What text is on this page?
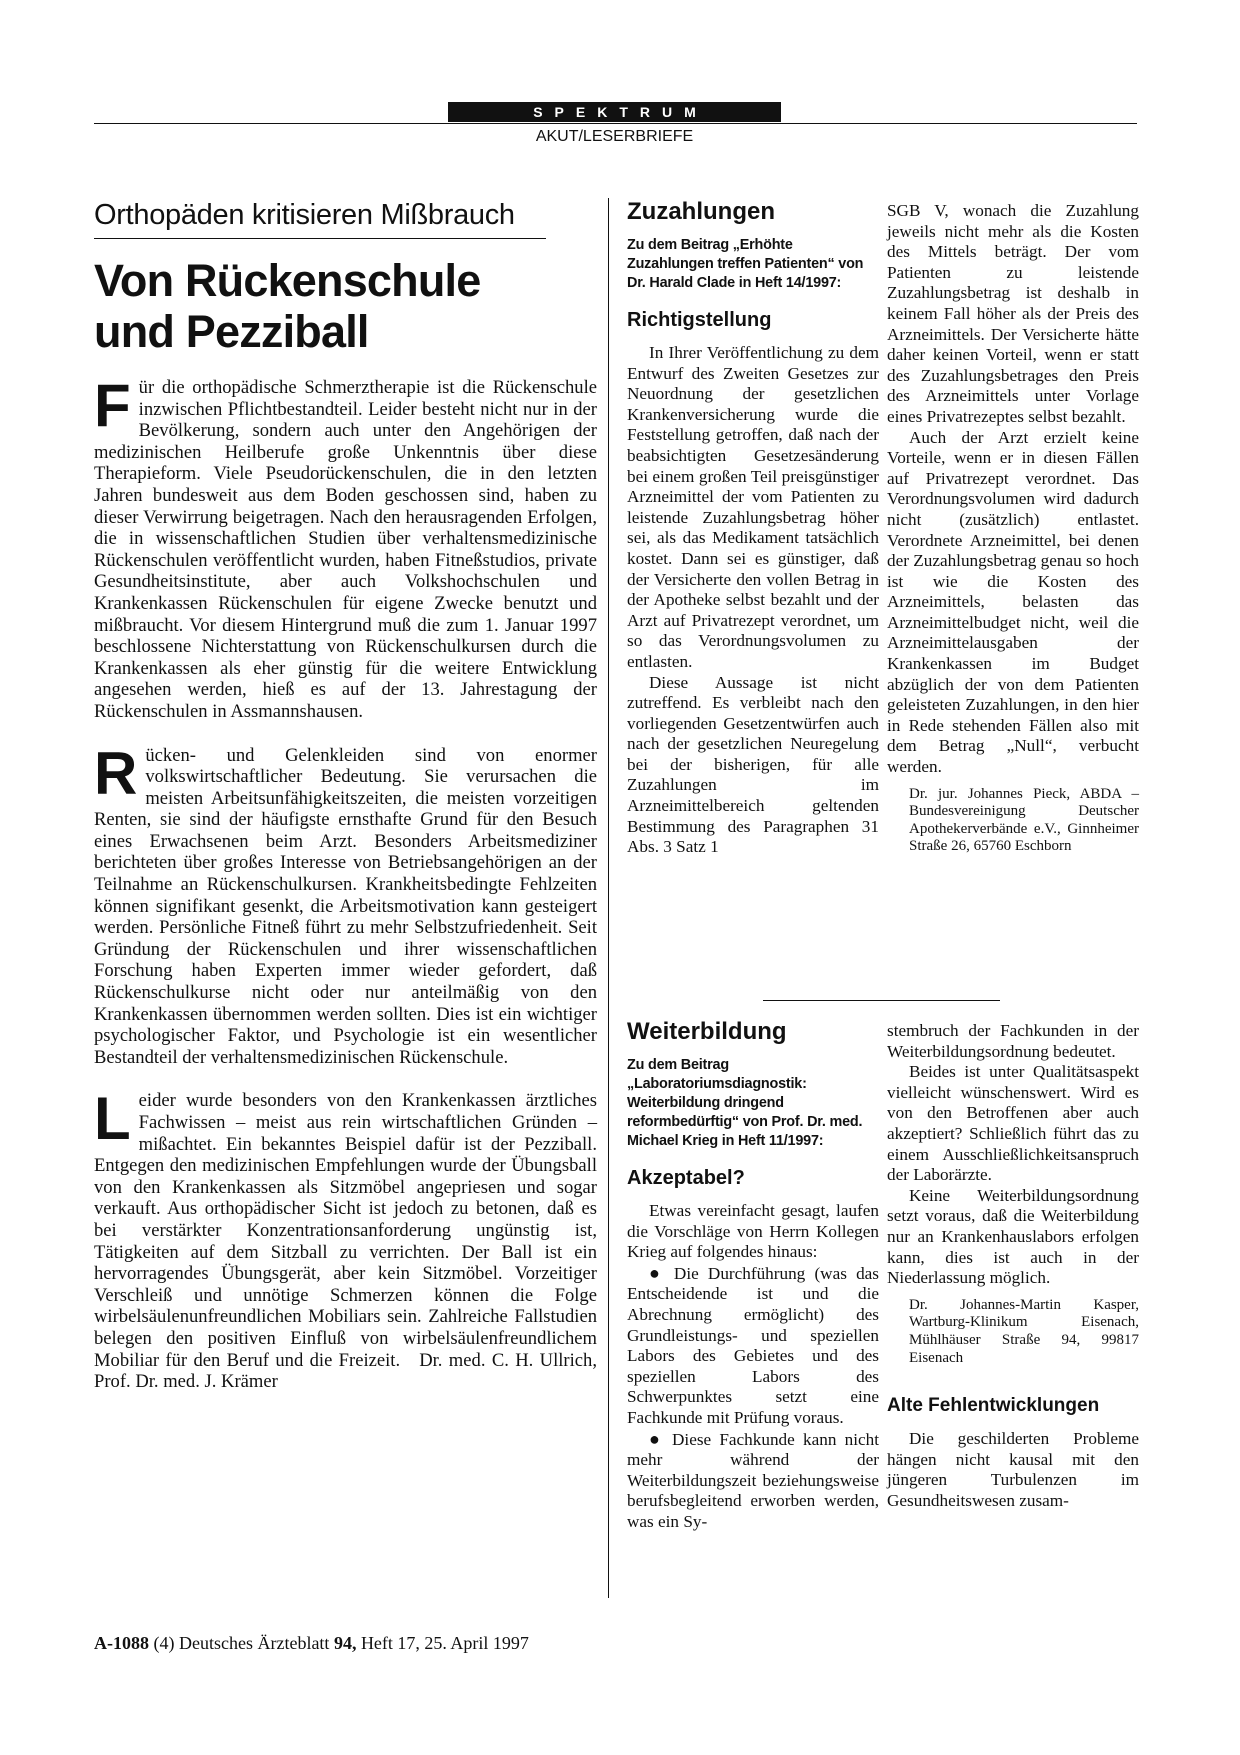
SPEKTRUM
AKUT/LESERBRIEFE
Orthopäden kritisieren Mißbrauch
Von Rückenschule
und Pezziball

Für die orthopädische Schmerztherapie ist die Rückenschule inzwischen Pflichtbestandteil. Leider besteht nicht nur in der Bevölkerung, sondern auch unter den Angehörigen der medizinischen Heilberufe große Unkenntnis über diese Therapieform. Viele Pseudorückenschulen, die in den letzten Jahren bundesweit aus dem Boden geschossen sind, haben zu dieser Verwirrung beigetragen. Nach den herausragenden Erfolgen, die in wissenschaftlichen Studien über verhaltensmedizinische Rückenschulen veröffentlicht wurden, haben Fitneßstudios, private Gesundheitsinstitute, aber auch Volkshochschulen und Krankenkassen Rückenschulen für eigene Zwecke benutzt und mißbraucht. Vor diesem Hintergrund muß die zum 1. Januar 1997 beschlossene Nichterstattung von Rückenschulkursen durch die Krankenkassen als eher günstig für die weitere Entwicklung angesehen werden, hieß es auf der 13. Jahrestagung der Rückenschulen in Assmannshausen.

Rücken- und Gelenkleiden sind von enormer volkswirtschaftlicher Bedeutung. Sie verursachen die meisten Arbeitsunfähigkeitszeiten, die meisten vorzeitigen Renten, sie sind der häufigste ernsthafte Grund für den Besuch eines Erwachsenen beim Arzt. Besonders Arbeitsmediziner berichteten über großes Interesse von Betriebsangehörigen an der Teilnahme an Rückenschulkursen. Krankheitsbedingte Fehlzeiten können signifikant gesenkt, die Arbeitsmotivation kann gesteigert werden. Persönliche Fitneß führt zu mehr Selbstzufriedenheit. Seit Gründung der Rückenschulen und ihrer wissenschaftlichen Forschung haben Experten immer wieder gefordert, daß Rückenschulkurse nicht oder nur anteilmäßig von den Krankenkassen übernommen werden sollten. Dies ist ein wichtiger psychologischer Faktor, und Psychologie ist ein wesentlicher Bestandteil der verhaltensmedizinischen Rückenschule.

Leider wurde besonders von den Krankenkassen ärztliches Fachwissen – meist aus rein wirtschaftlichen Gründen – mißachtet. Ein bekanntes Beispiel dafür ist der Pezziball. Entgegen den medizinischen Empfehlungen wurde der Übungsball von den Krankenkassen als Sitzmöbel angepriesen und sogar verkauft. Aus orthopädischer Sicht ist jedoch zu betonen, daß es bei verstärkter Konzentrationsanforderung ungünstig ist, Tätigkeiten auf dem Sitzball zu verrichten. Der Ball ist ein hervorragendes Übungsgerät, aber kein Sitzmöbel. Vorzeitiger Verschleiß und unnötige Schmerzen können die Folge wirbelsäulenunfreundlichen Mobiliars sein. Zahlreiche Fallstudien belegen den positiven Einfluß von wirbelsäulenfreundlichem Mobiliar für den Beruf und die Freizeit. Dr. med. C. H. Ullrich, Prof. Dr. med. J. Krämer

Zuzahlungen
Zu dem Beitrag „Erhöhte Zuzahlungen treffen Patienten“ von Dr. Harald Clade in Heft 14/1997:
Richtigstellung

In Ihrer Veröffentlichung zu dem Entwurf des Zweiten Gesetzes zur Neuordnung der gesetzlichen Krankenversicherung wurde die Feststellung getroffen, daß nach der beabsichtigten Gesetzesänderung bei einem großen Teil preisgünstiger Arzneimittel der vom Patienten zu leistende Zuzahlungsbetrag höher sei, als das Medikament tatsächlich kostet. Dann sei es günstiger, daß der Versicherte den vollen Betrag in der Apotheke selbst bezahlt und der Arzt auf Privatrezept verordnet, um so das Verordnungsvolumen zu entlasten.

Diese Aussage ist nicht zutreffend. Es verbleibt nach den vorliegenden Gesetzentwürfen auch nach der gesetzlichen Neuregelung bei der bisherigen, für alle Zuzahlungen im Arzneimittelbereich geltenden Bestimmung des Paragraphen 31 Abs. 3 Satz 1

SGB V, wonach die Zuzahlung jeweils nicht mehr als die Kosten des Mittels beträgt. Der vom Patienten zu leistende Zuzahlungsbetrag ist deshalb in keinem Fall höher als der Preis des Arzneimittels. Der Versicherte hätte daher keinen Vorteil, wenn er statt des Zuzahlungsbetrages den Preis des Arzneimittels unter Vorlage eines Privatrezeptes selbst bezahlt.

Auch der Arzt erzielt keine Vorteile, wenn er in diesen Fällen auf Privatrezept verordnet. Das Verordnungsvolumen wird dadurch nicht (zusätzlich) entlastet. Verordnete Arzneimittel, bei denen der Zuzahlungsbetrag genau so hoch ist wie die Kosten des Arzneimittels, belasten das Arzneimittelbudget nicht, weil die Arzneimittelausgaben der Krankenkassen im Budget abzüglich der von dem Patienten geleisteten Zuzahlungen, in den hier in Rede stehenden Fällen also mit dem Betrag „Null“, verbucht werden.

Dr. jur. Johannes Pieck, ABDA – Bundesvereinigung Deutscher Apothekerverbände e.V., Ginnheimer Straße 26, 65760 Eschborn

Weiterbildung
Zu dem Beitrag „Laboratoriumsdiagnostik: Weiterbildung dringend reformbedürftig“ von Prof. Dr. med. Michael Krieg in Heft 11/1997:
Akzeptabel?

Etwas vereinfacht gesagt, laufen die Vorschläge von Herrn Kollegen Krieg auf folgendes hinaus:

● Die Durchführung (was das Entscheidende ist und die Abrechnung ermöglicht) des Grundleistungs- und speziellen Labors des Gebietes und des speziellen Labors des Schwerpunktes setzt eine Fachkunde mit Prüfung voraus.

● Diese Fachkunde kann nicht mehr während der Weiterbildungszeit beziehungsweise berufsbegleitend erworben werden, was ein Sy-

stembruch der Fachkunden in der Weiterbildungsordnung bedeutet.

Beides ist unter Qualitätsaspekt vielleicht wünschenswert. Wird es von den Betroffenen aber auch akzeptiert? Schließlich führt das zu einem Ausschließlichkeitsanspruch der Laborärzte.

Keine Weiterbildungsordnung setzt voraus, daß die Weiterbildung nur an Krankenhauslabors erfolgen kann, dies ist auch in der Niederlassung möglich.

Dr. Johannes-Martin Kasper, Wartburg-Klinikum Eisenach, Mühlhäuser Straße 94, 99817 Eisenach

Alte Fehlentwicklungen

Die geschilderten Probleme hängen nicht kausal mit den jüngeren Turbulenzen im Gesundheitswesen zusam-

A-1088 (4) Deutsches Ärzteblatt 94, Heft 17, 25. April 1997
